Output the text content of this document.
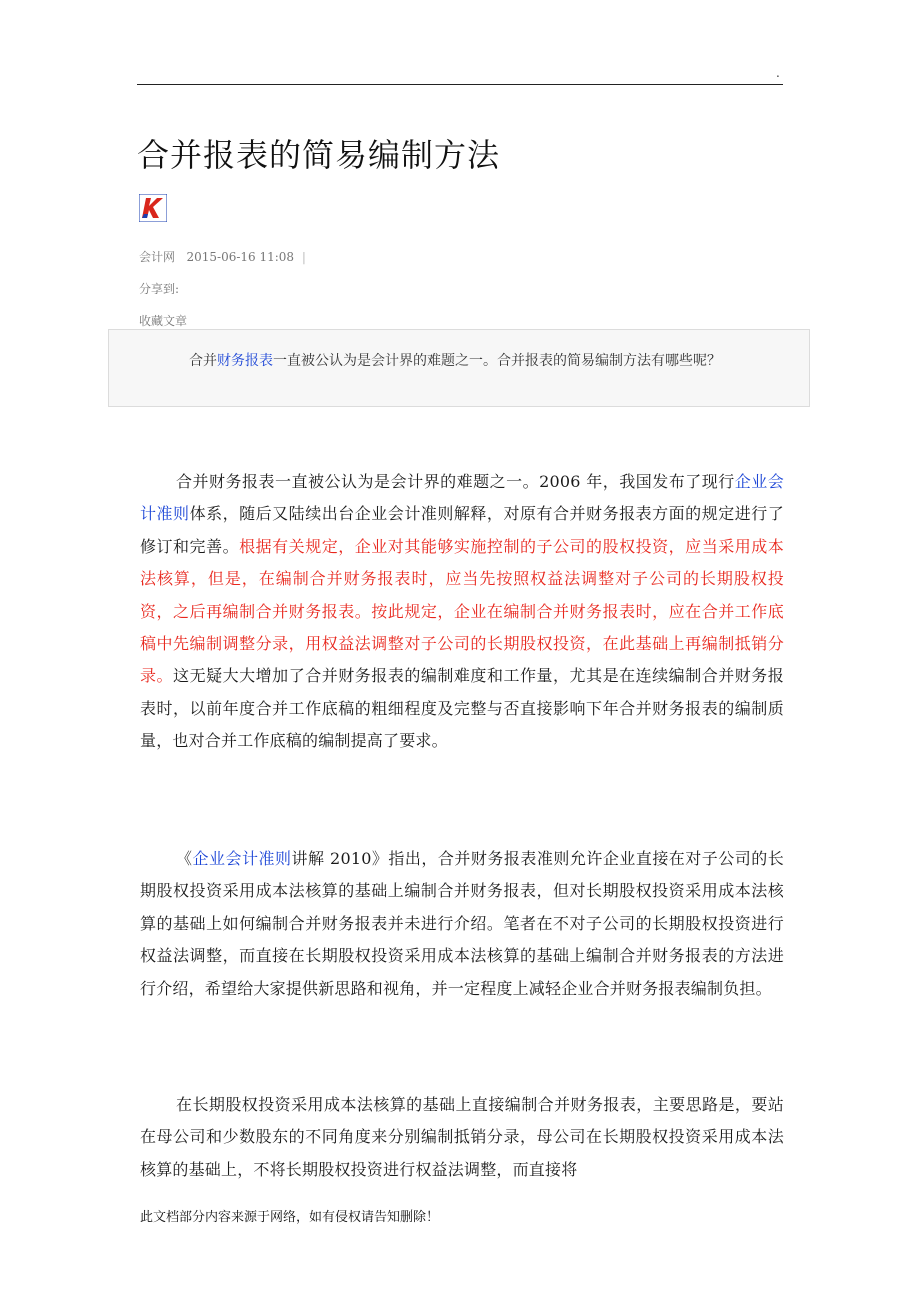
.
合并报表的简易编制方法
会计网 2015-06-16 11:08 |
分享到:
收藏文章

合并财务报表一直被公认为是会计界的难题之一。合并报表的简易编制方法有哪些呢？

合并财务报表一直被公认为是会计界的难题之一。2006 年，我国发布了现行企业会计准则体系，随后又陆续出台企业会计准则解释，对原有合并财务报表方面的规定进行了修订和完善。根据有关规定，企业对其能够实施控制的子公司的股权投资，应当采用成本法核算，但是，在编制合并财务报表时，应当先按照权益法调整对子公司的长期股权投资，之后再编制合并财务报表。按此规定，企业在编制合并财务报表时，应在合并工作底稿中先编制调整分录，用权益法调整对子公司的长期股权投资，在此基础上再编制抵销分录。这无疑大大增加了合并财务报表的编制难度和工作量，尤其是在连续编制合并财务报表时，以前年度合并工作底稿的粗细程度及完整与否直接影响下年合并财务报表的编制质量，也对合并工作底稿的编制提高了要求。

《企业会计准则讲解 2010》指出，合并财务报表准则允许企业直接在对子公司的长期股权投资采用成本法核算的基础上编制合并财务报表，但对长期股权投资采用成本法核算的基础上如何编制合并财务报表并未进行介绍。笔者在不对子公司的长期股权投资进行权益法调整，而直接在长期股权投资采用成本法核算的基础上编制合并财务报表的方法进行介绍，希望给大家提供新思路和视角，并一定程度上减轻企业合并财务报表编制负担。

在长期股权投资采用成本法核算的基础上直接编制合并财务报表，主要思路是，要站在母公司和少数股东的不同角度来分别编制抵销分录，母公司在长期股权投资采用成本法核算的基础上，不将长期股权投资进行权益法调整，而直接将

此文档部分内容来源于网络，如有侵权请告知删除！
